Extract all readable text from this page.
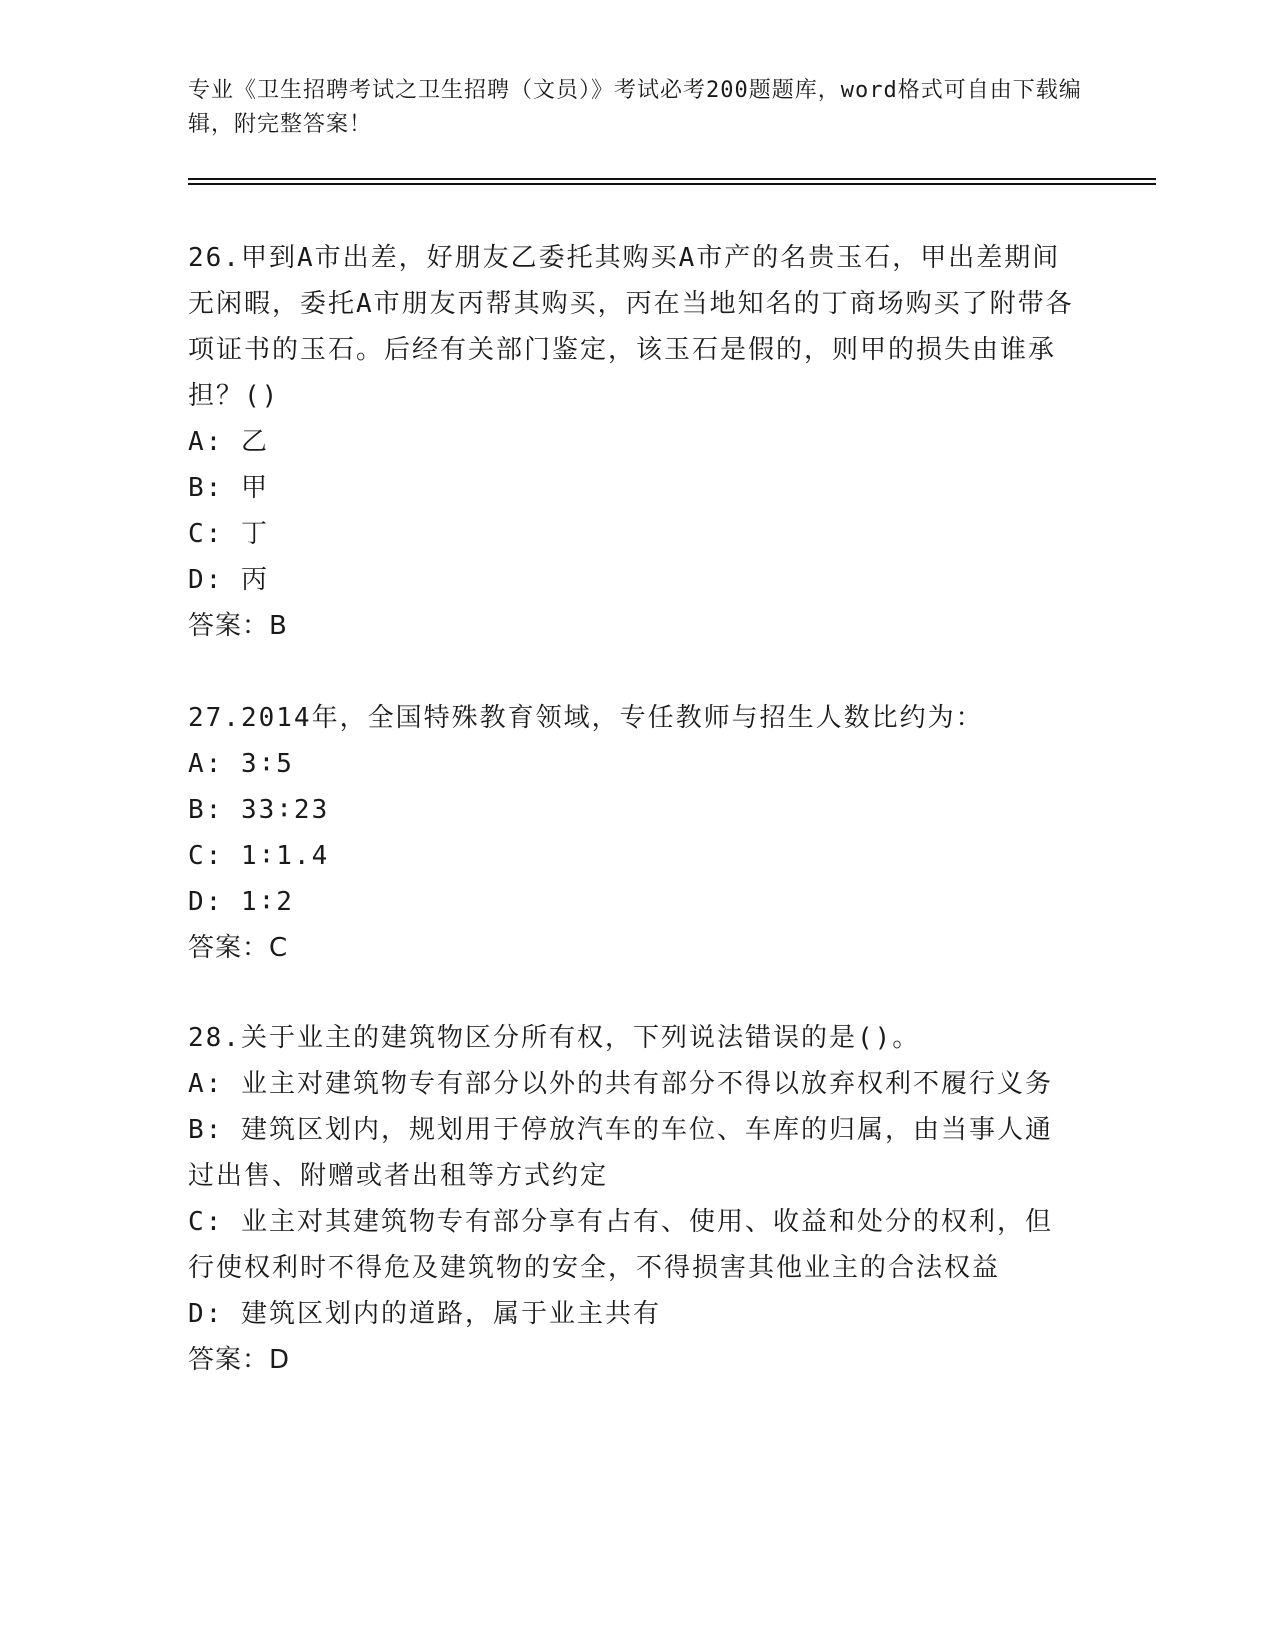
专业《卫生招聘考试之卫生招聘（文员）》考试必考200题题库，word格式可自由下载编辑，附完整答案！

26.甲到A市出差，好朋友乙委托其购买A市产的名贵玉石，甲出差期间无闲暇，委托A市朋友丙帮其购买，丙在当地知名的丁商场购买了附带各项证书的玉石。后经有关部门鉴定，该玉石是假的，则甲的损失由谁承担？()

A: 乙

B: 甲

C: 丁

D: 丙

答案：B

27.2014年，全国特殊教育领域，专任教师与招生人数比约为：

A: 3∶5

B: 33∶23

C: 1∶1.4

D: 1∶2

答案：C

28.关于业主的建筑物区分所有权，下列说法错误的是()。

A: 业主对建筑物专有部分以外的共有部分不得以放弃权利不履行义务

B: 建筑区划内，规划用于停放汽车的车位、车库的归属，由当事人通过出售、附赠或者出租等方式约定

C: 业主对其建筑物专有部分享有占有、使用、收益和处分的权利，但行使权利时不得危及建筑物的安全，不得损害其他业主的合法权益

D: 建筑区划内的道路，属于业主共有

答案：D
